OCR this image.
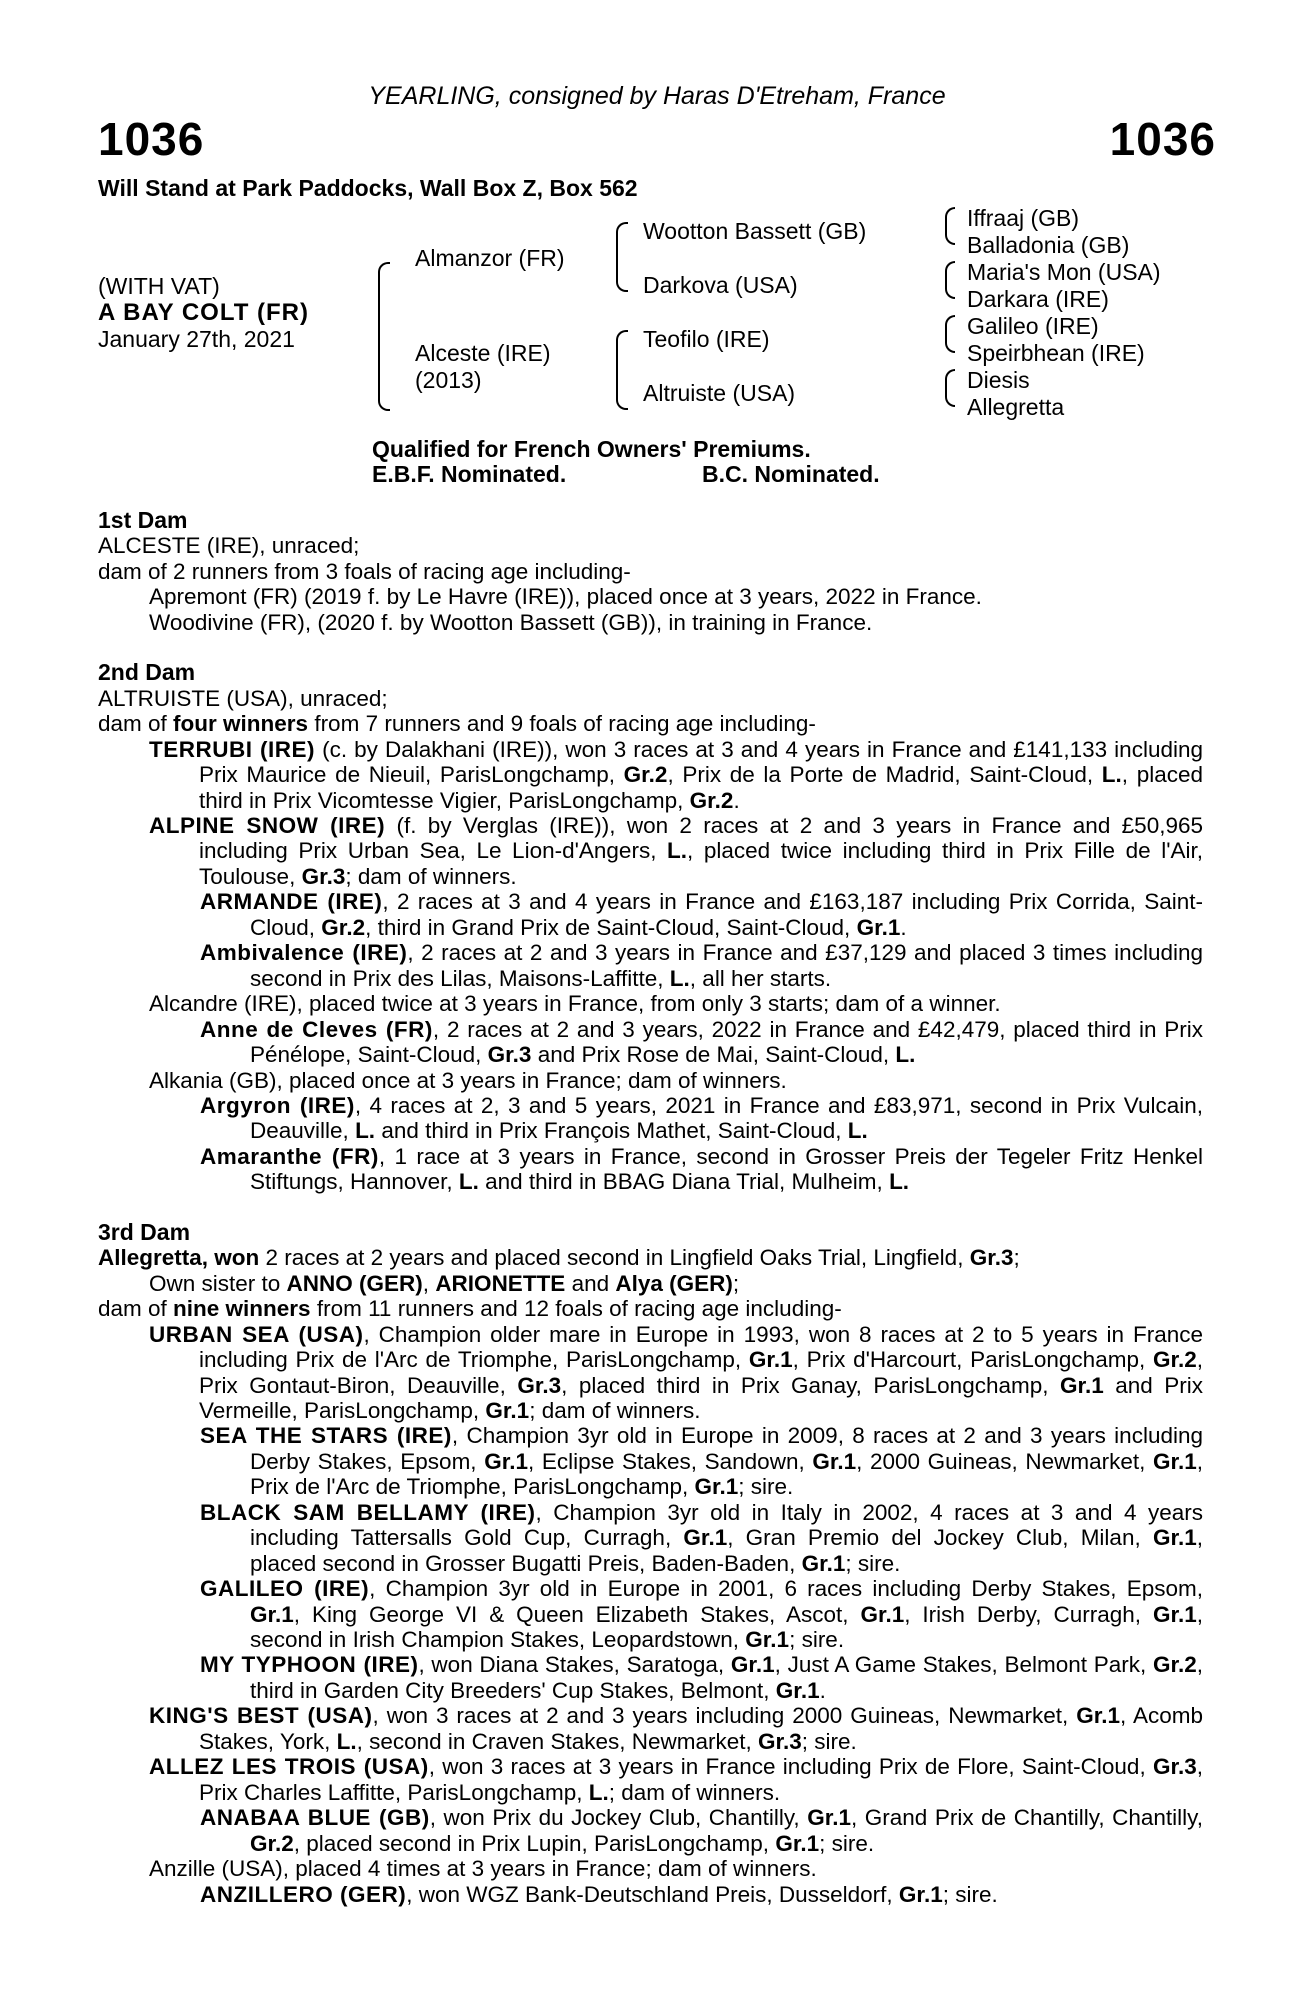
YEARLING, consigned by Haras D'Etreham, France
1036	1036
Will Stand at Park Paddocks, Wall Box Z, Box 562
(WITH VAT)
A BAY COLT (FR)
January 27th, 2021
Almanzor (FR)
Alceste (IRE)
(2013)
Wootton Bassett (GB)
Darkova (USA)
Teofilo (IRE)
Altruiste (USA)
Iffraaj (GB)
Balladonia (GB)
Maria's Mon (USA)
Darkara (IRE)
Galileo (IRE)
Speirbhean (IRE)
Diesis
Allegretta
Qualified for French Owners' Premiums.
E.B.F. Nominated.	B.C. Nominated.
1st Dam
ALCESTE (IRE), unraced;
dam of 2 runners from 3 foals of racing age including-
Apremont (FR) (2019 f. by Le Havre (IRE)), placed once at 3 years, 2022 in France.
Woodivine (FR), (2020 f. by Wootton Bassett (GB)), in training in France.
2nd Dam
ALTRUISTE (USA), unraced;
dam of four winners from 7 runners and 9 foals of racing age including-
TERRUBI (IRE) (c. by Dalakhani (IRE)), won 3 races at 3 and 4 years in France and £141,133 including Prix Maurice de Nieuil, ParisLongchamp, Gr.2, Prix de la Porte de Madrid, Saint-Cloud, L., placed third in Prix Vicomtesse Vigier, ParisLongchamp, Gr.2.
ALPINE SNOW (IRE) (f. by Verglas (IRE)), won 2 races at 2 and 3 years in France and £50,965 including Prix Urban Sea, Le Lion-d'Angers, L., placed twice including third in Prix Fille de l'Air, Toulouse, Gr.3; dam of winners.
ARMANDE (IRE), 2 races at 3 and 4 years in France and £163,187 including Prix Corrida, Saint-Cloud, Gr.2, third in Grand Prix de Saint-Cloud, Saint-Cloud, Gr.1.
Ambivalence (IRE), 2 races at 2 and 3 years in France and £37,129 and placed 3 times including second in Prix des Lilas, Maisons-Laffitte, L., all her starts.
Alcandre (IRE), placed twice at 3 years in France, from only 3 starts; dam of a winner.
Anne de Cleves (FR), 2 races at 2 and 3 years, 2022 in France and £42,479, placed third in Prix Pénélope, Saint-Cloud, Gr.3 and Prix Rose de Mai, Saint-Cloud, L.
Alkania (GB), placed once at 3 years in France; dam of winners.
Argyron (IRE), 4 races at 2, 3 and 5 years, 2021 in France and £83,971, second in Prix Vulcain, Deauville, L. and third in Prix François Mathet, Saint-Cloud, L.
Amaranthe (FR), 1 race at 3 years in France, second in Grosser Preis der Tegeler Fritz Henkel Stiftungs, Hannover, L. and third in BBAG Diana Trial, Mulheim, L.
3rd Dam
Allegretta, won 2 races at 2 years and placed second in Lingfield Oaks Trial, Lingfield, Gr.3;
Own sister to ANNO (GER), ARIONETTE and Alya (GER);
dam of nine winners from 11 runners and 12 foals of racing age including-
URBAN SEA (USA), Champion older mare in Europe in 1993, won 8 races at 2 to 5 years in France including Prix de l'Arc de Triomphe, ParisLongchamp, Gr.1, Prix d'Harcourt, ParisLongchamp, Gr.2, Prix Gontaut-Biron, Deauville, Gr.3, placed third in Prix Ganay, ParisLongchamp, Gr.1 and Prix Vermeille, ParisLongchamp, Gr.1; dam of winners.
SEA THE STARS (IRE), Champion 3yr old in Europe in 2009, 8 races at 2 and 3 years including Derby Stakes, Epsom, Gr.1, Eclipse Stakes, Sandown, Gr.1, 2000 Guineas, Newmarket, Gr.1, Prix de l'Arc de Triomphe, ParisLongchamp, Gr.1; sire.
BLACK SAM BELLAMY (IRE), Champion 3yr old in Italy in 2002, 4 races at 3 and 4 years including Tattersalls Gold Cup, Curragh, Gr.1, Gran Premio del Jockey Club, Milan, Gr.1, placed second in Grosser Bugatti Preis, Baden-Baden, Gr.1; sire.
GALILEO (IRE), Champion 3yr old in Europe in 2001, 6 races including Derby Stakes, Epsom, Gr.1, King George VI & Queen Elizabeth Stakes, Ascot, Gr.1, Irish Derby, Curragh, Gr.1, second in Irish Champion Stakes, Leopardstown, Gr.1; sire.
MY TYPHOON (IRE), won Diana Stakes, Saratoga, Gr.1, Just A Game Stakes, Belmont Park, Gr.2, third in Garden City Breeders' Cup Stakes, Belmont, Gr.1.
KING'S BEST (USA), won 3 races at 2 and 3 years including 2000 Guineas, Newmarket, Gr.1, Acomb Stakes, York, L., second in Craven Stakes, Newmarket, Gr.3; sire.
ALLEZ LES TROIS (USA), won 3 races at 3 years in France including Prix de Flore, Saint-Cloud, Gr.3, Prix Charles Laffitte, ParisLongchamp, L.; dam of winners.
ANABAA BLUE (GB), won Prix du Jockey Club, Chantilly, Gr.1, Grand Prix de Chantilly, Chantilly, Gr.2, placed second in Prix Lupin, ParisLongchamp, Gr.1; sire.
Anzille (USA), placed 4 times at 3 years in France; dam of winners.
ANZILLERO (GER), won WGZ Bank-Deutschland Preis, Dusseldorf, Gr.1; sire.
